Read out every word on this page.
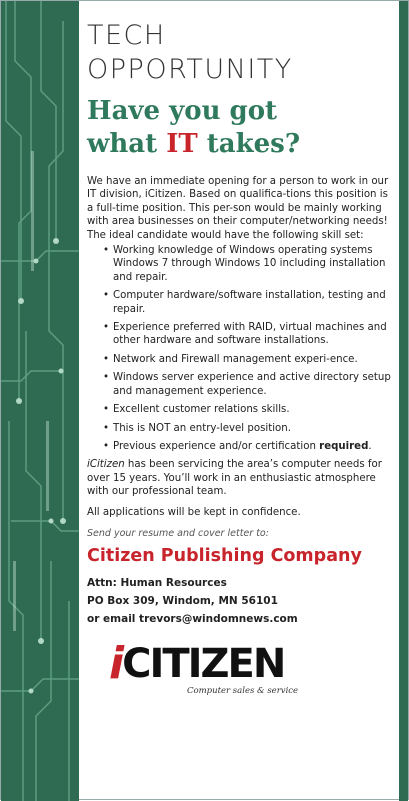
TECH
OPPORTUNITY
Have you got
what IT takes?
We have an immediate opening for a person to work in our IT division, iCitizen. Based on qualifica-tions this position is a full-time position. This per-son would be mainly working with area businesses on their computer/networking needs! The ideal candidate would have the following skill set:
• Working knowledge of Windows operating systems Windows 7 through Windows 10 including installation and repair.
• Computer hardware/software installation, testing and repair.
• Experience preferred with RAID, virtual machines and other hardware and software installations.
• Network and Firewall management experi-ence.
• Windows server experience and active directory setup and management experience.
• Excellent customer relations skills.
• This is NOT an entry-level position.
• Previous experience and/or certification required.
iCitizen has been servicing the area’s computer needs for over 15 years. You’ll work in an enthusiastic atmosphere with our professional team.
All applications will be kept in confidence.
Send your resume and cover letter to:
Citizen Publishing Company
Attn: Human Resources
PO Box 309, Windom, MN 56101
or email trevors@windomnews.com
i CITIZEN
Computer sales & service
